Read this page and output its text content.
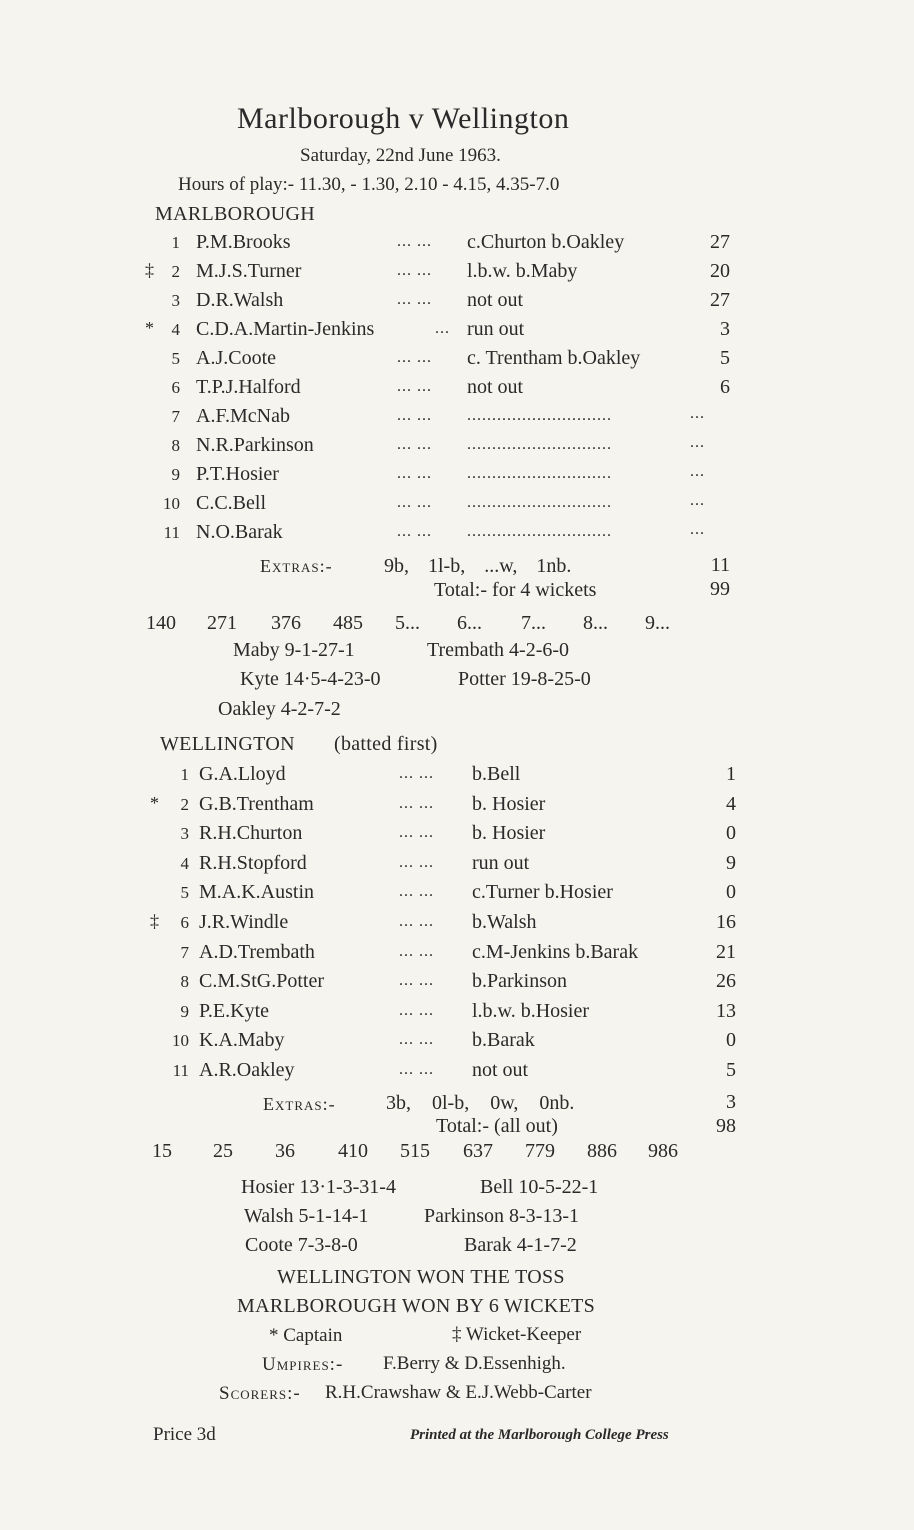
Marlborough v Wellington
Saturday, 22nd June 1963.
Hours of play:- 11.30, - 1.30, 2.10 - 4.15, 4.35-7.0
MARLBOROUGH
1 P.M.Brooks	... ... c.Churton b.Oakley	27
‡	2 M.J.S.Turner	... ... l.b.w. b.Maby	20
3 D.R.Walsh	... ... not out	27
*	4 C.D.A.Martin-Jenkins	... run out	3
5 A.J.Coote	... ... c. Trentham b.Oakley	5
6 T.P.J.Halford	... ... not out	6
7 A.F.McNab	... ... .............................	...
8 N.R.Parkinson	... ... .............................	...
9 P.T.Hosier	... ... .............................	...
10 C.C.Bell	... ... .............................	...
11 N.O.Barak	... ... .............................	...
Extras:-	9b, 1l-b, ...w, 1nb.	11
Total:- for 4 wickets	99
140 271 376 485 5... 6... 7... 8... 9...
Maby 9-1-27-1	Trembath 4-2-6-0
Kyte 14·5-4-23-0	Potter 19-8-25-0
Oakley 4-2-7-2
WELLINGTON (batted first)
1 G.A.Lloyd	... ... b.Bell	1
*	2 G.B.Trentham	... ... b. Hosier	4
3 R.H.Churton	... ... b. Hosier	0
4 R.H.Stopford	... ... run out	9
5 M.A.K.Austin	... ... c.Turner b.Hosier	0
‡	6 J.R.Windle	... ... b.Walsh	16
7 A.D.Trembath	... ... c.M-Jenkins b.Barak	21
8 C.M.StG.Potter	... ... b.Parkinson	26
9 P.E.Kyte	... ... l.b.w. b.Hosier	13
10 K.A.Maby	... ... b.Barak	0
11 A.R.Oakley	... ... not out	5
Extras:-	3b, 0l-b, 0w, 0nb.	3
Total:- (all out)	98
15 25 36 410 515 637 779 886 986
Hosier 13·1-3-31-4	Bell 10-5-22-1
Walsh 5-1-14-1	Parkinson 8-3-13-1
Coote 7-3-8-0	Barak 4-1-7-2
WELLINGTON WON THE TOSS
MARLBOROUGH WON BY 6 WICKETS
* Captain	‡ Wicket-Keeper
Umpires:- F.Berry & D.Essenhigh.
Scorers:- R.H.Crawshaw & E.J.Webb-Carter
Price 3d	Printed at the Marlborough College Press
